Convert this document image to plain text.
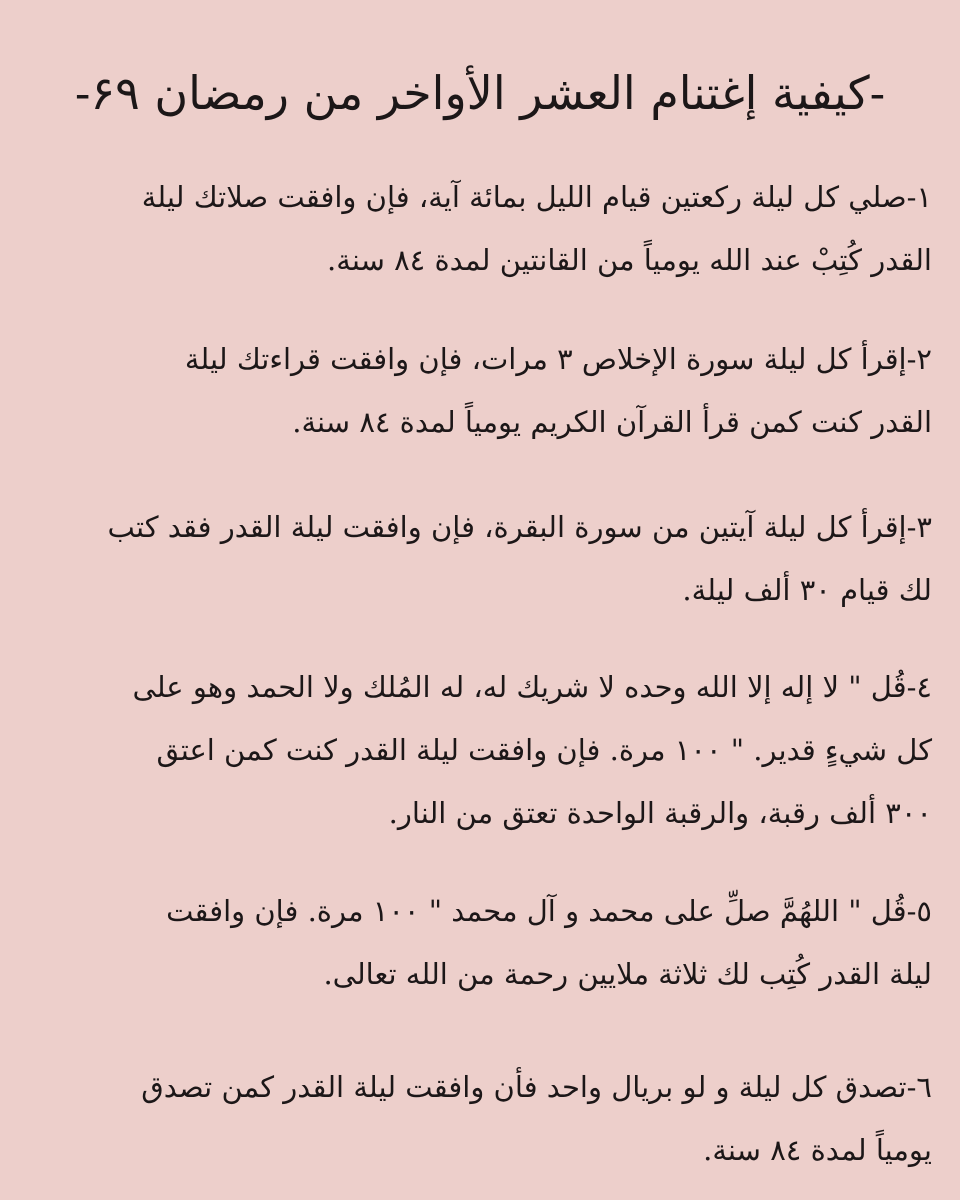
-كيفية إغتنام العشر الأواخر من رمضان ۶۹-
١-صلي كل ليلة ركعتين قيام الليل بمائة آية، فإن وافقت صلاتك ليلة
القدر كُتِبْ عند الله يومياً من القانتين لمدة ٨٤ سنة.
٢-إقرأ كل ليلة سورة الإخلاص ٣ مرات، فإن وافقت قراءتك ليلة
القدر كنت كمن قرأ القرآن الكريم يومياً لمدة ٨٤ سنة.
٣-إقرأ كل ليلة آيتين من سورة البقرة، فإن وافقت ليلة القدر فقد كتب
لك قيام ٣٠ ألف ليلة.
٤-قُل " لا إله إلا الله وحده لا شريك له، له المُلك ولا الحمد وهو على
كل شيءٍ قدير. " ١٠٠ مرة. فإن وافقت ليلة القدر كنت كمن اعتق
٣٠٠ ألف رقبة، والرقبة الواحدة تعتق من النار.
٥-قُل " اللهُمَّ صلِّ على محمد و آل محمد " ١٠٠ مرة. فإن وافقت
ليلة القدر كُتِب لك ثلاثة ملايين رحمة من الله تعالى.
٦-تصدق كل ليلة و لو بريال واحد فأن وافقت ليلة القدر كمن تصدق
يومياً لمدة ٨٤ سنة.
